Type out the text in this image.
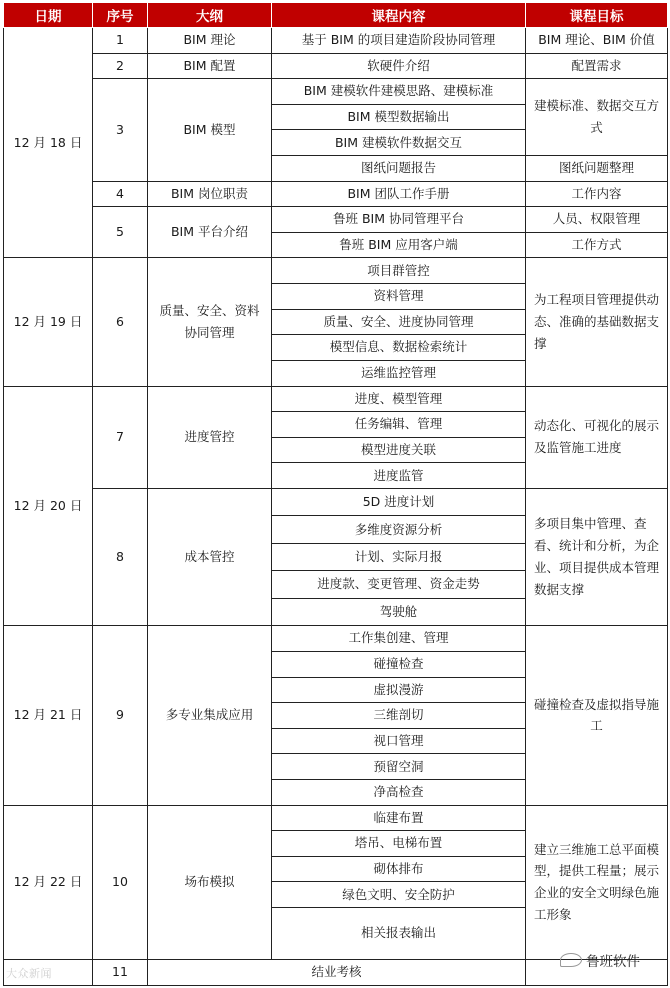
日期	序号	大纲	课程内容	课程目标
12 月 18 日	1	BIM 理论	基于 BIM 的项目建造阶段协同管理	BIM 理论、BIM 价值
	2	BIM 配置	软硬件介绍	配置需求
	3	BIM 模型	BIM 建模软件建模思路、建模标准	建模标准、数据交互方式
			BIM 模型数据输出	
			BIM 建模软件数据交互	
			图纸问题报告	图纸问题整理
	4	BIM 岗位职责	BIM 团队工作手册	工作内容
	5	BIM 平台介绍	鲁班 BIM 协同管理平台	人员、权限管理
			鲁班 BIM 应用客户端	工作方式
12 月 19 日	6	质量、安全、资料协同管理	项目群管控	为工程项目管理提供动态、准确的基础数据支撑
			资料管理	
			质量、安全、进度协同管理	
			模型信息、数据检索统计	
			运维监控管理	
12 月 20 日	7	进度管控	进度、模型管理	动态化、可视化的展示及监管施工进度
			任务编辑、管理	
			模型进度关联	
			进度监管	
	8	成本管控	5D 进度计划	多项目集中管理、查看、统计和分析，为企业、项目提供成本管理数据支撑
			多维度资源分析	
			计划、实际月报	
			进度款、变更管理、资金走势	
			驾驶舱	
12 月 21 日	9	多专业集成应用	工作集创建、管理	碰撞检查及虚拟指导施工
			碰撞检查	
			虚拟漫游	
			三维剖切	
			视口管理	
			预留空洞	
			净高检查	
12 月 22 日	10	场布模拟	临建布置	建立三维施工总平面模型，提供工程量；展示企业的安全文明绿色施工形象
			塔吊、电梯布置	
			砌体排布	
			绿色文明、安全防护	
			相关报表输出	
	11	结业考核		
大众新闻
鲁班软件
